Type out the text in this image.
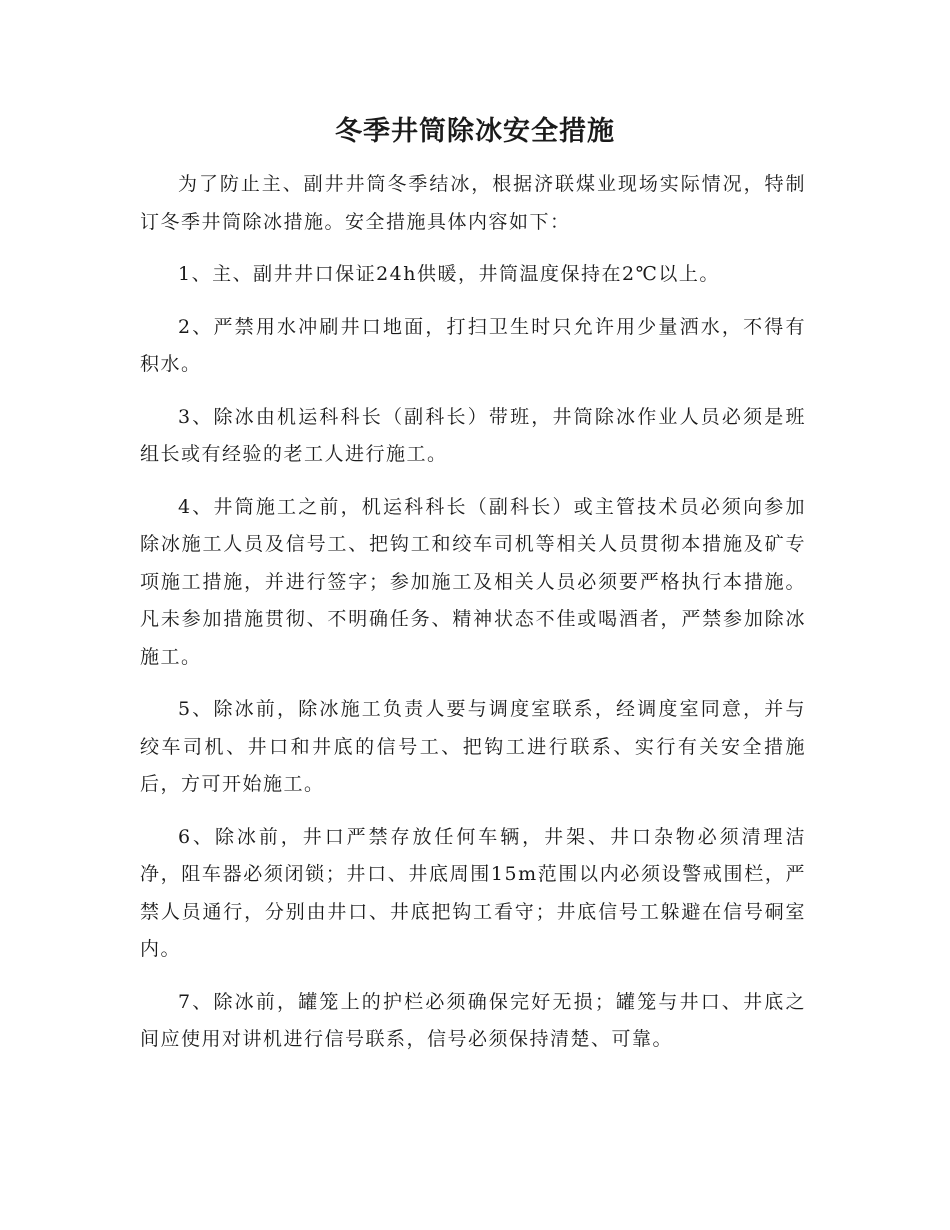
冬季井筒除冰安全措施

为了防止主、副井井筒冬季结冰，根据济联煤业现场实际情况，特制订冬季井筒除冰措施。安全措施具体内容如下：

1、主、副井井口保证24h供暖，井筒温度保持在2℃以上。

2、严禁用水冲刷井口地面，打扫卫生时只允许用少量洒水，不得有积水。

3、除冰由机运科科长（副科长）带班，井筒除冰作业人员必须是班组长或有经验的老工人进行施工。

4、井筒施工之前，机运科科长（副科长）或主管技术员必须向参加除冰施工人员及信号工、把钩工和绞车司机等相关人员贯彻本措施及矿专项施工措施，并进行签字；参加施工及相关人员必须要严格执行本措施。凡未参加措施贯彻、不明确任务、精神状态不佳或喝酒者，严禁参加除冰施工。

5、除冰前，除冰施工负责人要与调度室联系，经调度室同意，并与绞车司机、井口和井底的信号工、把钩工进行联系、实行有关安全措施后，方可开始施工。

6、除冰前，井口严禁存放任何车辆，井架、井口杂物必须清理洁净，阻车器必须闭锁；井口、井底周围15m范围以内必须设警戒围栏，严禁人员通行，分别由井口、井底把钩工看守；井底信号工躲避在信号硐室内。

7、除冰前，罐笼上的护栏必须确保完好无损；罐笼与井口、井底之间应使用对讲机进行信号联系，信号必须保持清楚、可靠。
